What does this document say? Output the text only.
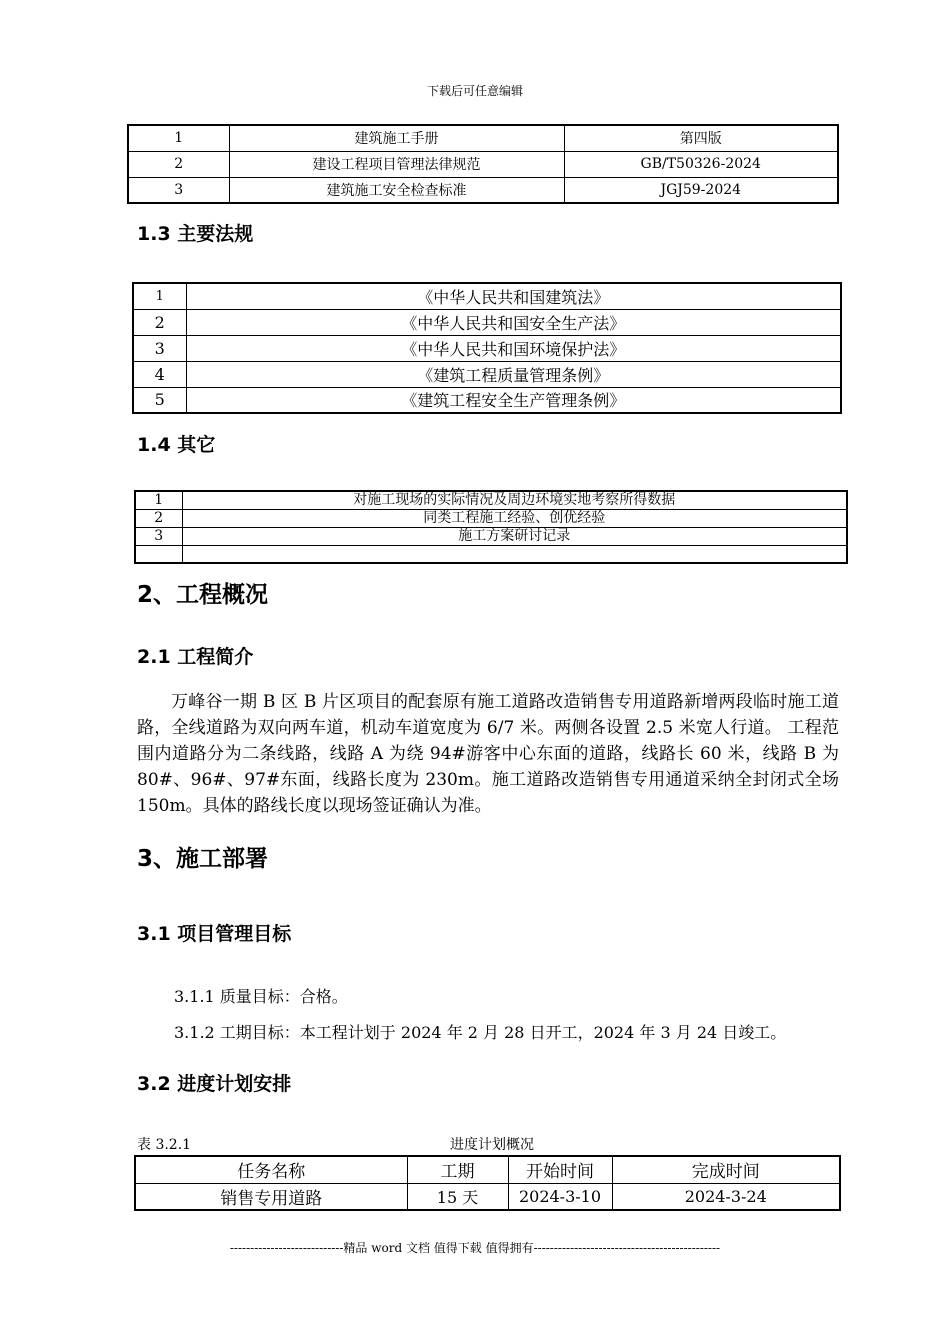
下载后可任意编辑
1	建筑施工手册	第四版
2	建设工程项目管理法律规范	GB/T50326-2024
3	建筑施工安全检查标准	JGJ59-2024
1.3 主要法规
1	《中华人民共和国建筑法》
2	《中华人民共和国安全生产法》
3	《中华人民共和国环境保护法》
4	《建筑工程质量管理条例》
5	《建筑工程安全生产管理条例》
1.4 其它
1	对施工现场的实际情况及周边环境实地考察所得数据
2	同类工程施工经验、创优经验
3	施工方案研讨记录

2、工程概况
2.1 工程简介

万峰谷一期 B 区 B 片区项目的配套原有施工道路改造销售专用道路新增两段临时施工道路，全线道路为双向两车道，机动车道宽度为 6/7 米。两侧各设置 2.5 米宽人行道。 工程范围内道路分为二条线路，线路 A 为绕 94#游客中心东面的道路，线路长 60 米，线路 B 为 80#、96#、97#东面，线路长度为 230m。施工道路改造销售专用通道采纳全封闭式全场 150m。具体的路线长度以现场签证确认为准。

3、施工部署
3.1 项目管理目标
3.1.1 质量目标：合格。
3.1.2 工期目标：本工程计划于 2024 年 2 月 28 日开工，2024 年 3 月 24 日竣工。
3.2 进度计划安排
表 3.2.1	进度计划概况
任务名称	工期	开始时间	完成时间
销售专用道路	15 天	2024-3-10	2024-3-24
----------------------------精品 word 文档 值得下载 值得拥有----------------------------------------------
